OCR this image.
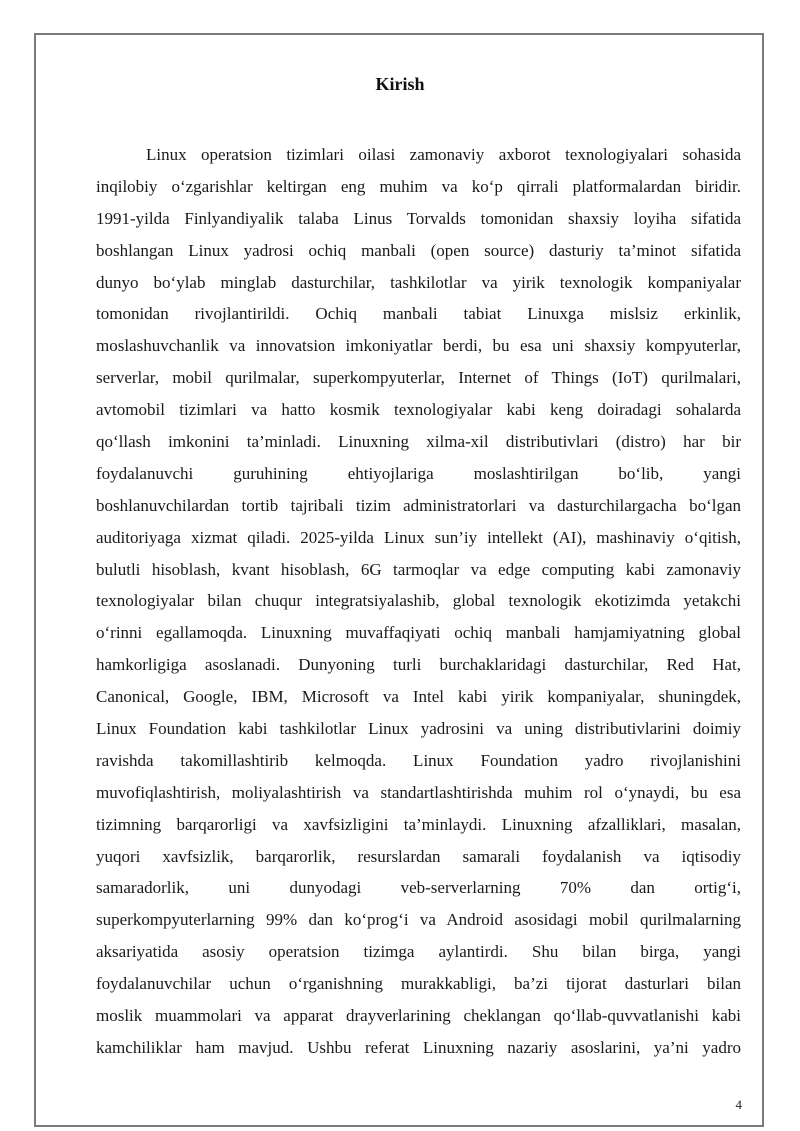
Kirish
Linux operatsion tizimlari oilasi zamonaviy axborot texnologiyalari sohasida
inqilobiy o‘zgarishlar keltirgan eng muhim va ko‘p qirrali platformalardan biridir.
1991-yilda Finlyandiyalik talaba Linus Torvalds tomonidan shaxsiy loyiha sifatida
boshlangan Linux yadrosi ochiq manbali (open source) dasturiy ta’minot sifatida
dunyo bo‘ylab minglab dasturchilar, tashkilotlar va yirik texnologik kompaniyalar
tomonidan rivojlantirildi. Ochiq manbali tabiat Linuxga mislsiz erkinlik,
moslashuvchanlik va innovatsion imkoniyatlar berdi, bu esa uni shaxsiy kompyuterlar,
serverlar, mobil qurilmalar, superkompyuterlar, Internet of Things (IoT) qurilmalari,
avtomobil tizimlari va hatto kosmik texnologiyalar kabi keng doiradagi sohalarda
qo‘llash imkonini ta’minladi. Linuxning xilma-xil distributivlari (distro) har bir
foydalanuvchi guruhining ehtiyojlariga moslashtirilgan bo‘lib, yangi
boshlanuvchilardan tortib tajribali tizim administratorlari va dasturchilargacha bo‘lgan
auditoriyaga xizmat qiladi. 2025-yilda Linux sun’iy intellekt (AI), mashinaviy o‘qitish,
bulutli hisoblash, kvant hisoblash, 6G tarmoqlar va edge computing kabi zamonaviy
texnologiyalar bilan chuqur integratsiyalashib, global texnologik ekotizimda yetakchi
o‘rinni egallamoqda. Linuxning muvaffaqiyati ochiq manbali hamjamiyatning global
hamkorligiga asoslanadi. Dunyoning turli burchaklaridagi dasturchilar, Red Hat,
Canonical, Google, IBM, Microsoft va Intel kabi yirik kompaniyalar, shuningdek,
Linux Foundation kabi tashkilotlar Linux yadrosini va uning distributivlarini doimiy
ravishda takomillashtirib kelmoqda. Linux Foundation yadro rivojlanishini
muvofiqlashtirish, moliyalashtirish va standartlashtirishda muhim rol o‘ynaydi, bu esa
tizimning barqarorligi va xavfsizligini ta’minlaydi. Linuxning afzalliklari, masalan,
yuqori xavfsizlik, barqarorlik, resurslardan samarali foydalanish va iqtisodiy
samaradorlik, uni dunyodagi veb-serverlarning 70% dan ortig‘i,
superkompyuterlarning 99% dan ko‘prog‘i va Android asosidagi mobil qurilmalarning
aksariyatida asosiy operatsion tizimga aylantirdi. Shu bilan birga, yangi
foydalanuvchilar uchun o‘rganishning murakkabligi, ba’zi tijorat dasturlari bilan
moslik muammolari va apparat drayverlarining cheklangan qo‘llab-quvvatlanishi kabi
kamchiliklar ham mavjud. Ushbu referat Linuxning nazariy asoslarini, ya’ni yadro
4
